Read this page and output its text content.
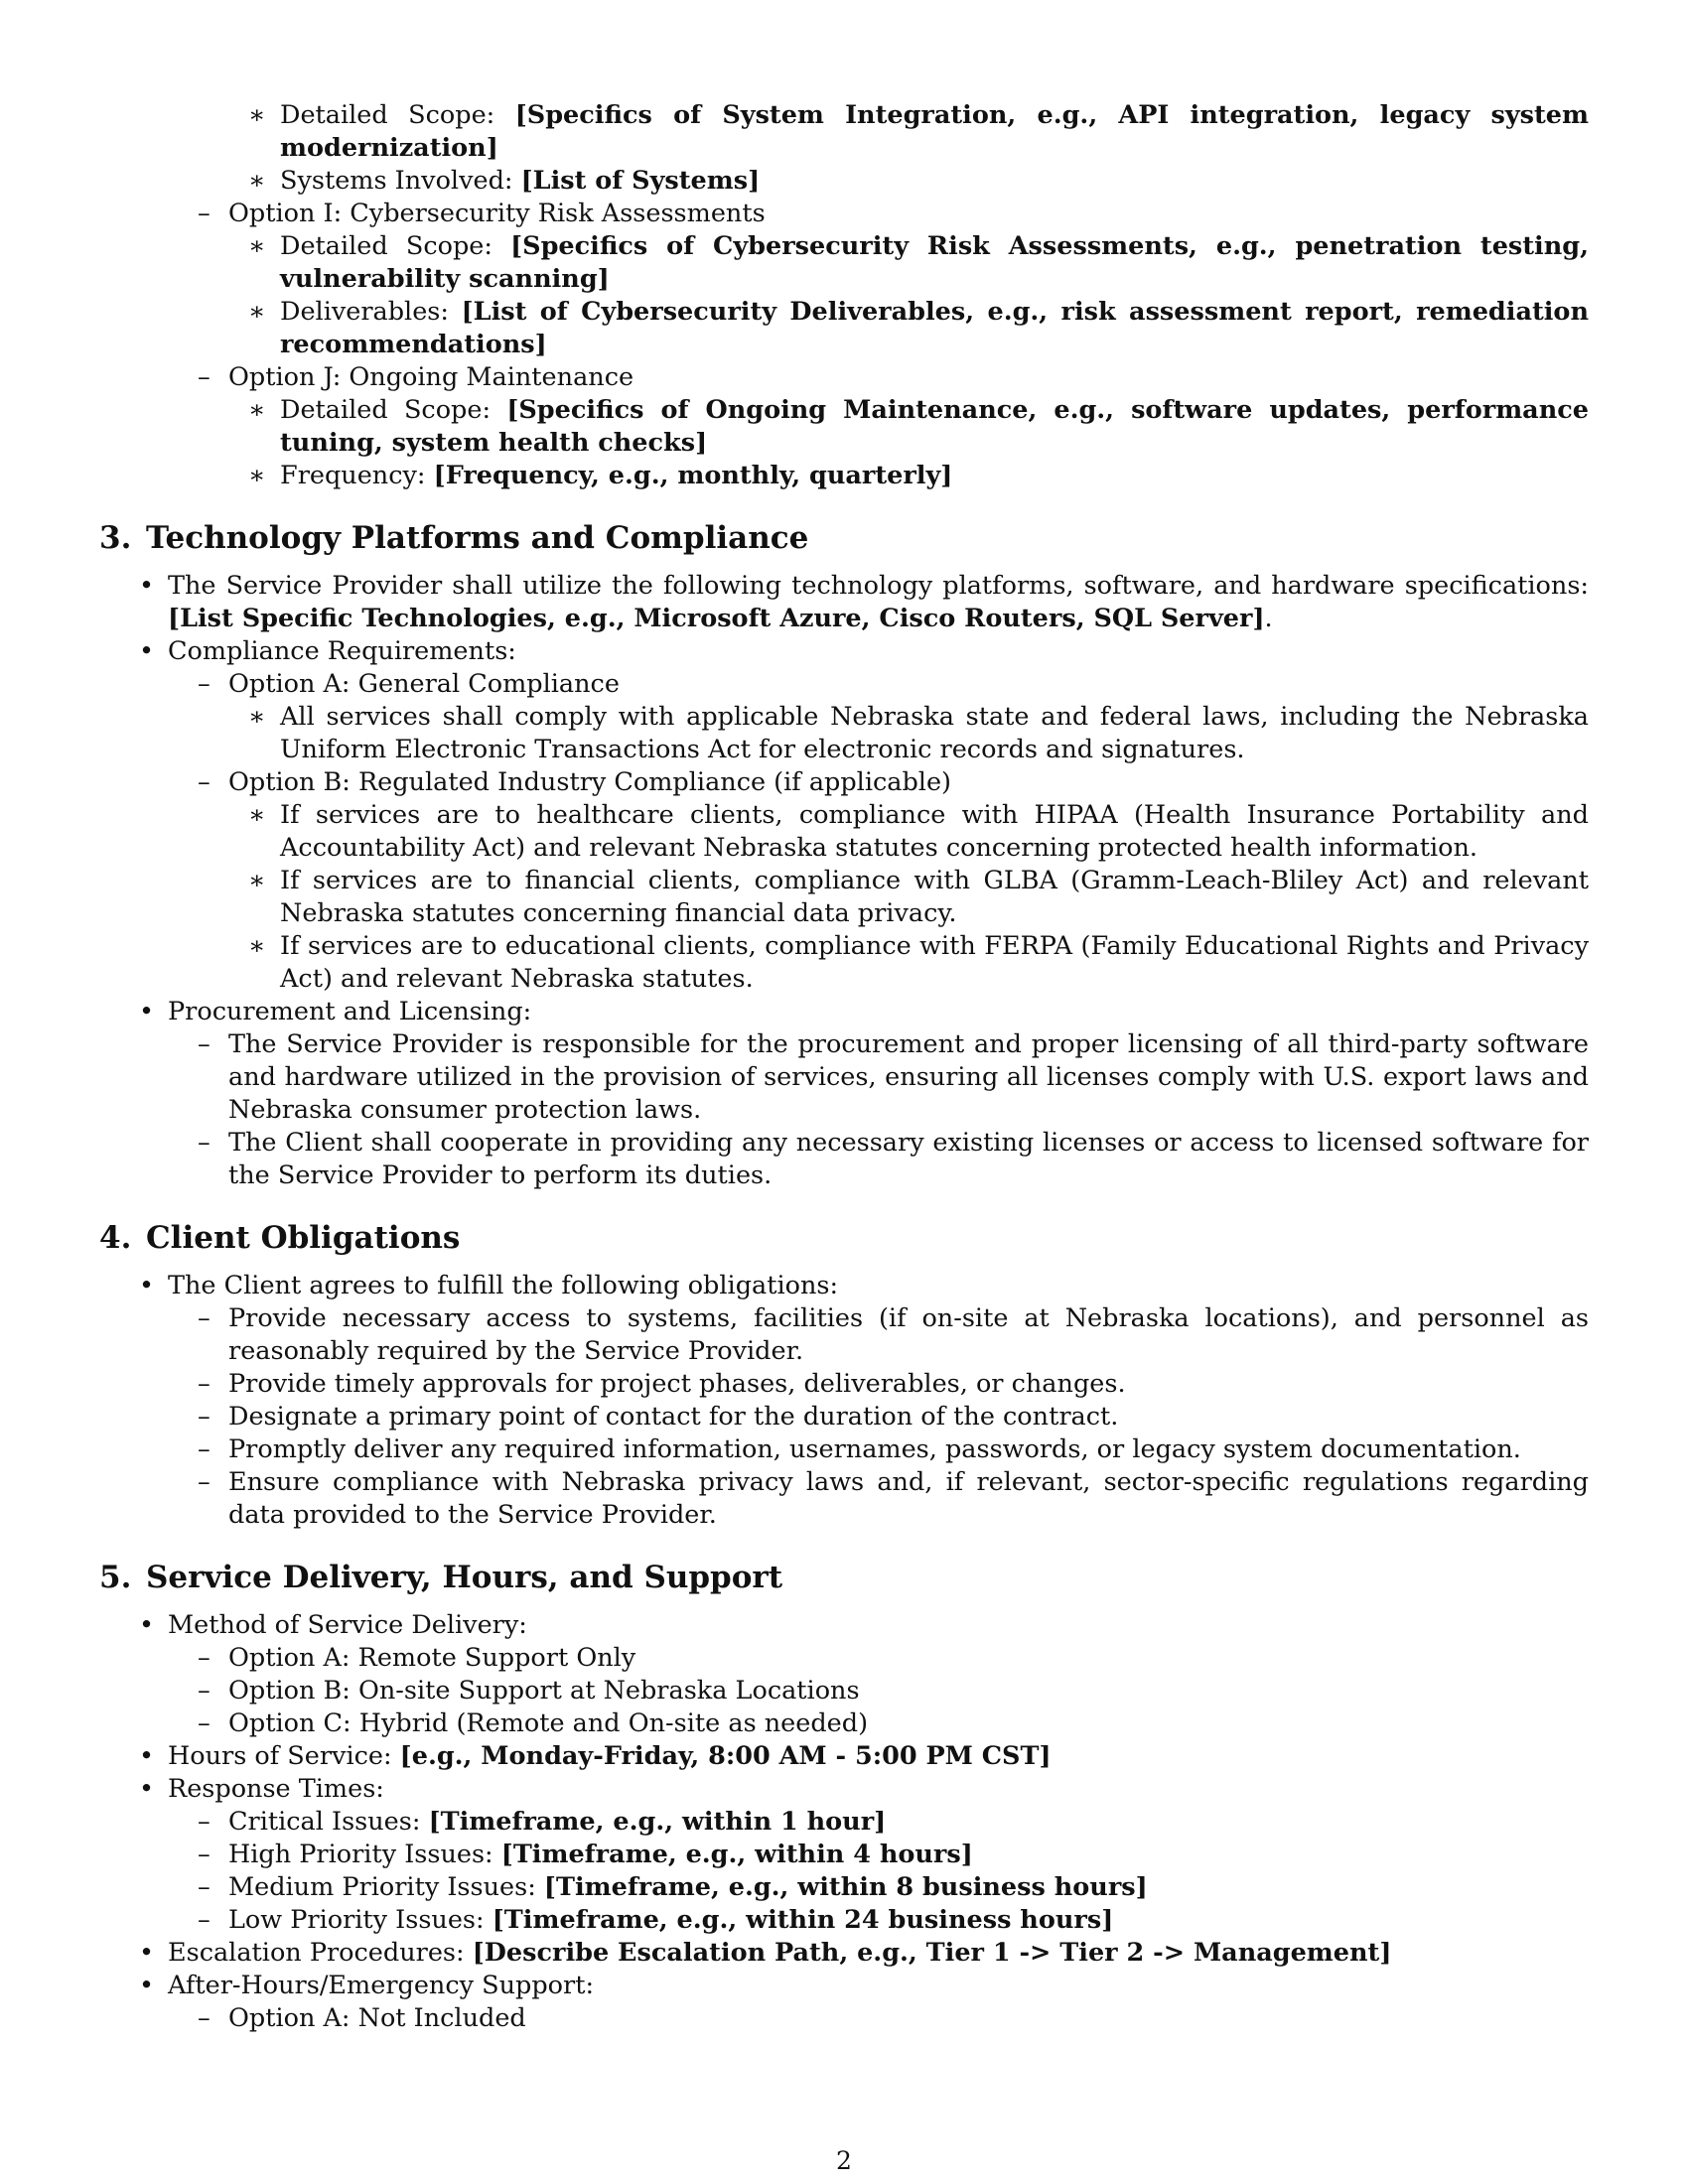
∗ Detailed Scope: [Specifics of System Integration, e.g., API integration, legacy system modernization]
∗ Systems Involved: [List of Systems]
– Option I: Cybersecurity Risk Assessments
∗ Detailed Scope: [Specifics of Cybersecurity Risk Assessments, e.g., penetration testing, vulnerability scanning]
∗ Deliverables: [List of Cybersecurity Deliverables, e.g., risk assessment report, remediation recommendations]
– Option J: Ongoing Maintenance
∗ Detailed Scope: [Specifics of Ongoing Maintenance, e.g., software updates, performance tuning, system health checks]
∗ Frequency: [Frequency, e.g., monthly, quarterly]
3. Technology Platforms and Compliance
• The Service Provider shall utilize the following technology platforms, software, and hardware specifications: [List Specific Technologies, e.g., Microsoft Azure, Cisco Routers, SQL Server].
• Compliance Requirements:
– Option A: General Compliance
∗ All services shall comply with applicable Nebraska state and federal laws, including the Nebraska Uniform Electronic Transactions Act for electronic records and signatures.
– Option B: Regulated Industry Compliance (if applicable)
∗ If services are to healthcare clients, compliance with HIPAA (Health Insurance Portability and Accountability Act) and relevant Nebraska statutes concerning protected health information.
∗ If services are to financial clients, compliance with GLBA (Gramm-Leach-Bliley Act) and relevant Nebraska statutes concerning financial data privacy.
∗ If services are to educational clients, compliance with FERPA (Family Educational Rights and Privacy Act) and relevant Nebraska statutes.
• Procurement and Licensing:
– The Service Provider is responsible for the procurement and proper licensing of all third-party software and hardware utilized in the provision of services, ensuring all licenses comply with U.S. export laws and Nebraska consumer protection laws.
– The Client shall cooperate in providing any necessary existing licenses or access to licensed software for the Service Provider to perform its duties.
4. Client Obligations
• The Client agrees to fulfill the following obligations:
– Provide necessary access to systems, facilities (if on-site at Nebraska locations), and personnel as reasonably required by the Service Provider.
– Provide timely approvals for project phases, deliverables, or changes.
– Designate a primary point of contact for the duration of the contract.
– Promptly deliver any required information, usernames, passwords, or legacy system documentation.
– Ensure compliance with Nebraska privacy laws and, if relevant, sector-specific regulations regarding data provided to the Service Provider.
5. Service Delivery, Hours, and Support
• Method of Service Delivery:
– Option A: Remote Support Only
– Option B: On-site Support at Nebraska Locations
– Option C: Hybrid (Remote and On-site as needed)
• Hours of Service: [e.g., Monday-Friday, 8:00 AM - 5:00 PM CST]
• Response Times:
– Critical Issues: [Timeframe, e.g., within 1 hour]
– High Priority Issues: [Timeframe, e.g., within 4 hours]
– Medium Priority Issues: [Timeframe, e.g., within 8 business hours]
– Low Priority Issues: [Timeframe, e.g., within 24 business hours]
• Escalation Procedures: [Describe Escalation Path, e.g., Tier 1 -> Tier 2 -> Management]
• After-Hours/Emergency Support:
– Option A: Not Included
2
